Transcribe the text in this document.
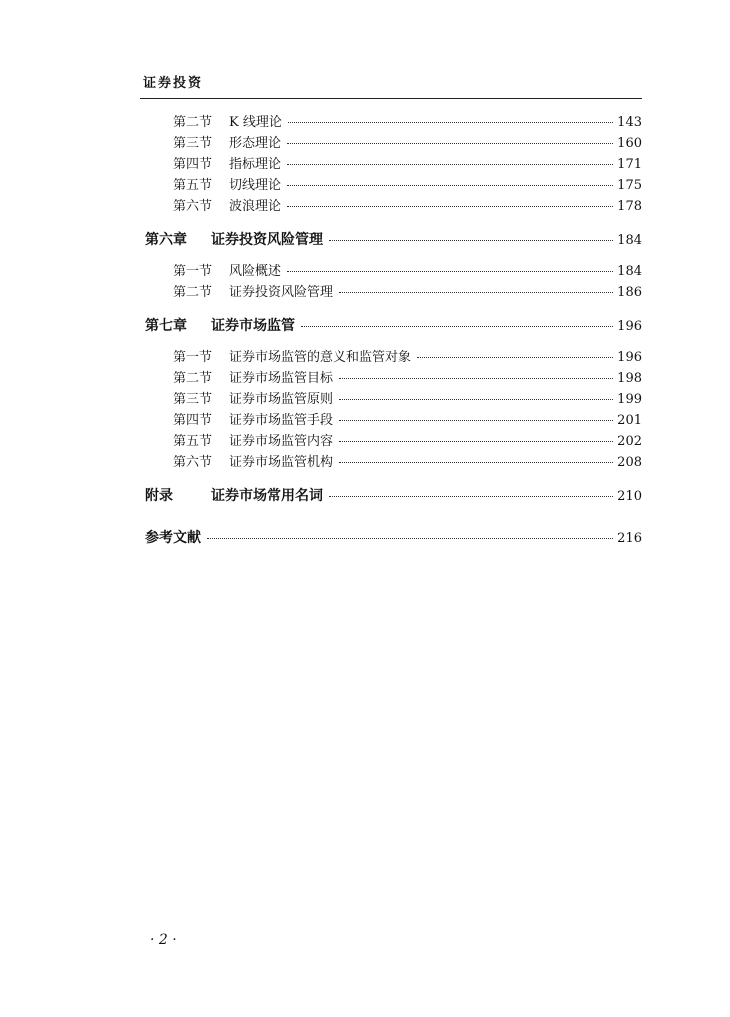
证券投资
第二节	K 线理论	143
第三节	形态理论	160
第四节	指标理论	171
第五节	切线理论	175
第六节	波浪理论	178
第六章	证券投资风险管理	184
第一节	风险概述	184
第二节	证券投资风险管理	186
第七章	证券市场监管	196
第一节	证券市场监管的意义和监管对象	196
第二节	证券市场监管目标	198
第三节	证券市场监管原则	199
第四节	证券市场监管手段	201
第五节	证券市场监管内容	202
第六节	证券市场监管机构	208
附录	证券市场常用名词	210
参考文献	216
· 2 ·
